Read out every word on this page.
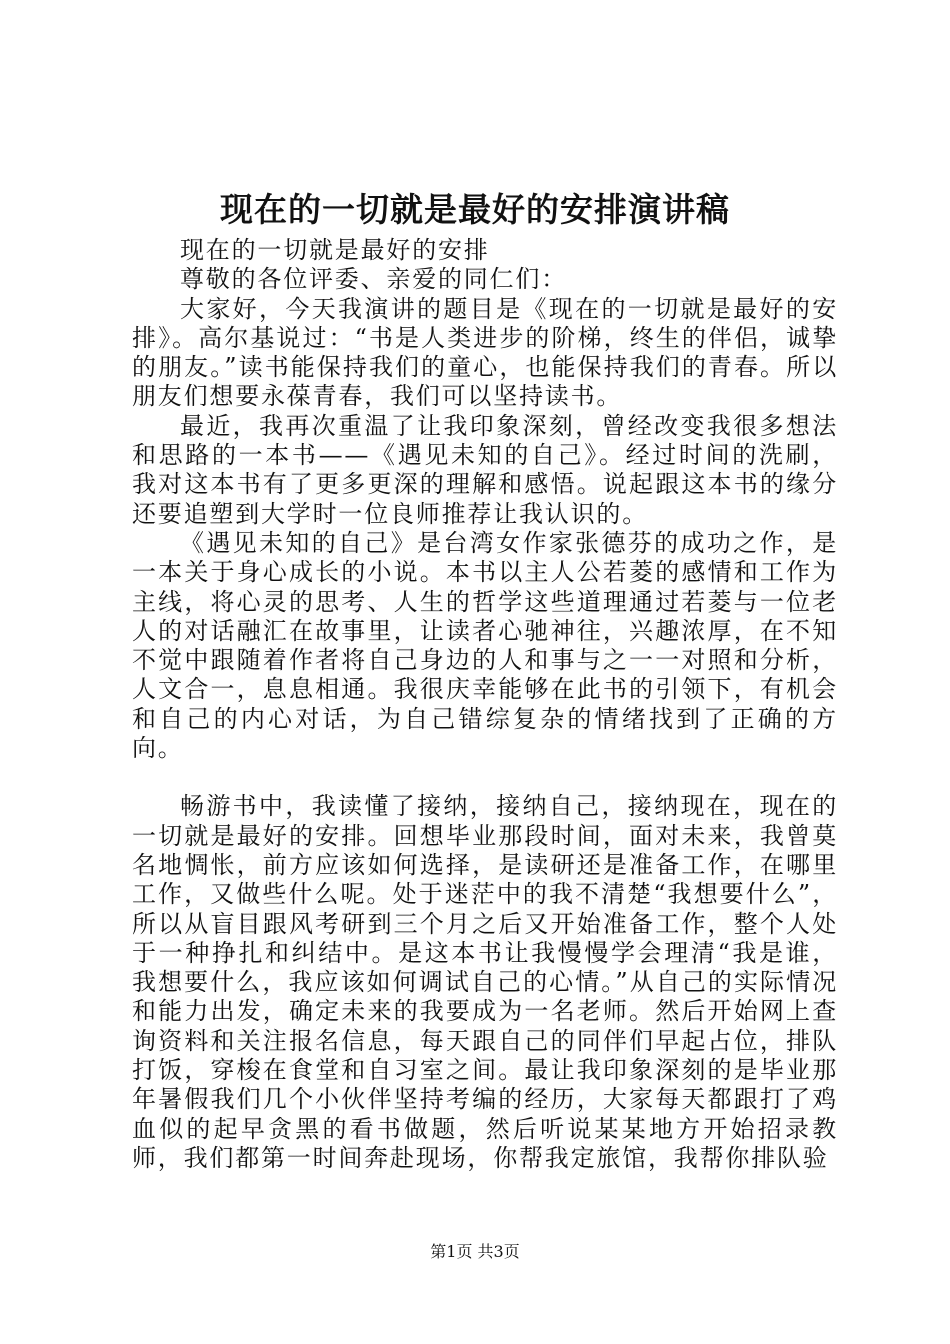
现在的一切就是最好的安排演讲稿

现在的一切就是最好的安排

尊敬的各位评委、亲爱的同仁们：

大家好，今天我演讲的题目是《现在的一切就是最好的安排》。高尔基说过：“书是人类进步的阶梯，终生的伴侣，诚挚的朋友。”读书能保持我们的童心，也能保持我们的青春。所以朋友们想要永葆青春，我们可以坚持读书。

最近，我再次重温了让我印象深刻，曾经改变我很多想法和思路的一本书——《遇见未知的自己》。经过时间的洗刷，我对这本书有了更多更深的理解和感悟。说起跟这本书的缘分还要追塑到大学时一位良师推荐让我认识的。

《遇见未知的自己》是台湾女作家张德芬的成功之作，是一本关于身心成长的小说。本书以主人公若菱的感情和工作为主线，将心灵的思考、人生的哲学这些道理通过若菱与一位老人的对话融汇在故事里，让读者心驰神往，兴趣浓厚，在不知不觉中跟随着作者将自己身边的人和事与之一一对照和分析，人文合一，息息相通。我很庆幸能够在此书的引领下，有机会和自己的内心对话，为自己错综复杂的情绪找到了正确的方向。

畅游书中，我读懂了接纳，接纳自己，接纳现在，现在的一切就是最好的安排。回想毕业那段时间，面对未来，我曾莫名地惆怅，前方应该如何选择，是读研还是准备工作，在哪里工作，又做些什么呢。处于迷茫中的我不清楚“我想要什么”，所以从盲目跟风考研到三个月之后又开始准备工作，整个人处于一种挣扎和纠结中。是这本书让我慢慢学会理清“我是谁，我想要什么，我应该如何调试自己的心情。”从自己的实际情况和能力出发，确定未来的我要成为一名老师。然后开始网上查询资料和关注报名信息，每天跟自己的同伴们早起占位，排队打饭，穿梭在食堂和自习室之间。最让我印象深刻的是毕业那年暑假我们几个小伙伴坚持考编的经历，大家每天都跟打了鸡血似的起早贪黑的看书做题，然后听说某某地方开始招录教师，我们都第一时间奔赴现场，你帮我定旅馆，我帮你排队验

第1页 共3页
